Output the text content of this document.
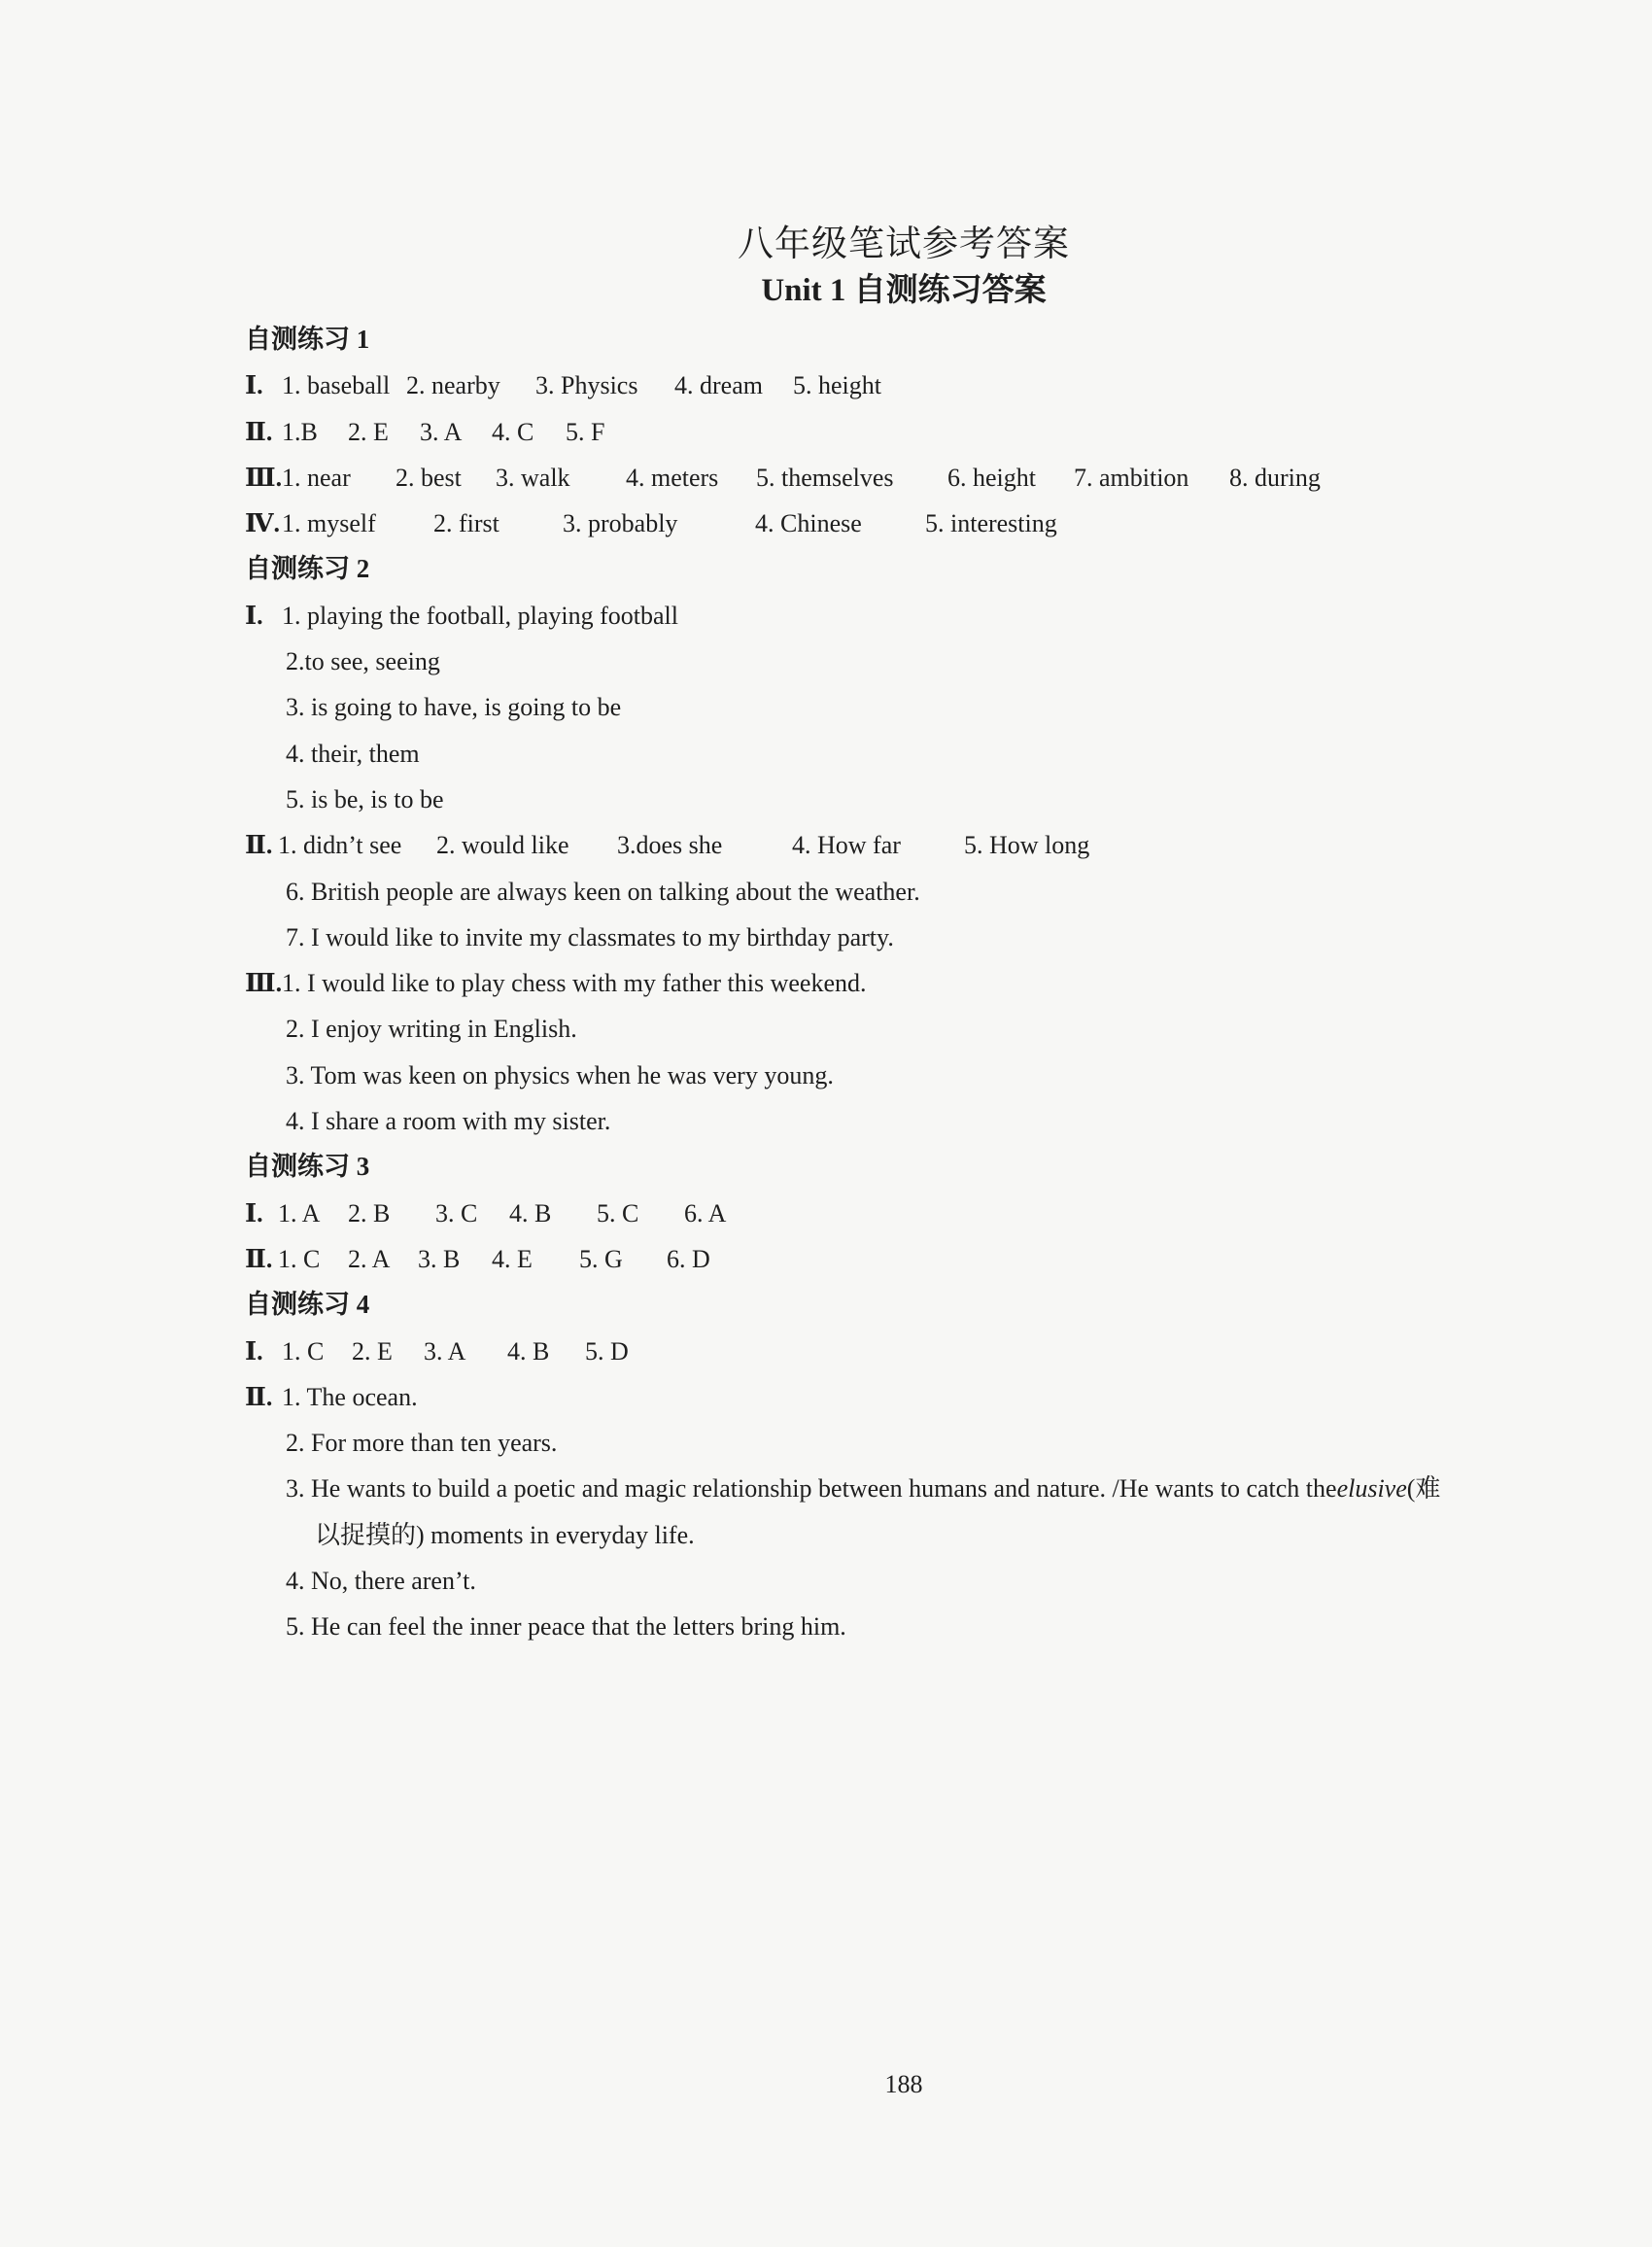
八年级笔试参考答案
Unit 1 自测练习答案
自测练习 1
Ⅰ. 1. baseball 2. nearby	3. Physics	4. dream	5. height
Ⅱ. 1.B	2. E	3. A	4. C	5. F
Ⅲ. 1. near	2. best	3. walk	4. meters	5. themselves	6. height	7. ambition	8. during
Ⅳ. 1. myself	2. first	3. probably	4. Chinese	5. interesting
自测练习 2
Ⅰ. 1. playing the football, playing football
2.to see, seeing
3. is going to have, is going to be
4. their, them
5. is be, is to be
Ⅱ. 1. didn’t see	2. would like	3.does she	4. How far	5. How long
6. British people are always keen on talking about the weather.
7. I would like to invite my classmates to my birthday party.
Ⅲ. 1. I would like to play chess with my father this weekend.
2. I enjoy writing in English.
3. Tom was keen on physics when he was very young.
4. I share a room with my sister.
自测练习 3
Ⅰ. 1. A	2. B	3. C	4. B	5. C	6. A
Ⅱ. 1. C	2. A	3. B	4. E	5. G	6. D
自测练习 4
Ⅰ. 1. C	2. E	3. A	4. B	5. D
Ⅱ. 1. The ocean.
2. For more than ten years.
3. He wants to build a poetic and magic relationship between humans and nature. /He wants to catch the elusive (难
以捉摸的) moments in everyday life.
4. No, there aren’t.
5. He can feel the inner peace that the letters bring him.
188
